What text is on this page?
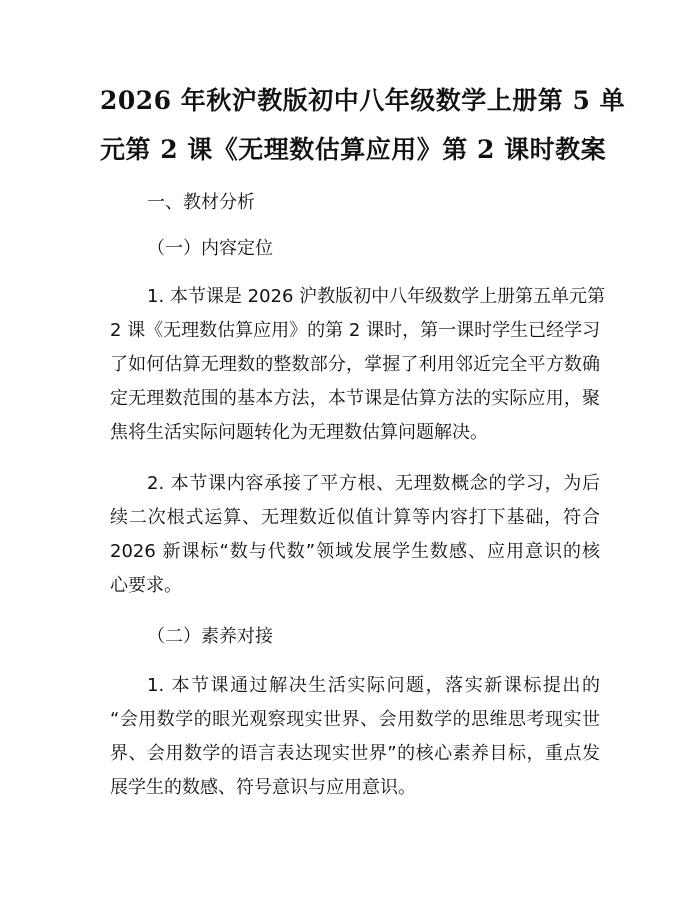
2026 年秋沪教版初中八年级数学上册第 5 单
元第 2 课《无理数估算应用》第 2 课时教案
一、教材分析
（一）内容定位
1. 本节课是 2026 沪教版初中八年级数学上册第五单元第
2 课《无理数估算应用》的第 2 课时，第一课时学生已经学习
了如何估算无理数的整数部分，掌握了利用邻近完全平方数确
定无理数范围的基本方法，本节课是估算方法的实际应用，聚
焦将生活实际问题转化为无理数估算问题解决。
2. 本节课内容承接了平方根、无理数概念的学习，为后
续二次根式运算、无理数近似值计算等内容打下基础，符合
2026 新课标“数与代数”领域发展学生数感、应用意识的核
心要求。
（二）素养对接
1. 本节课通过解决生活实际问题，落实新课标提出的
“会用数学的眼光观察现实世界、会用数学的思维思考现实世
界、会用数学的语言表达现实世界”的核心素养目标，重点发
展学生的数感、符号意识与应用意识。
